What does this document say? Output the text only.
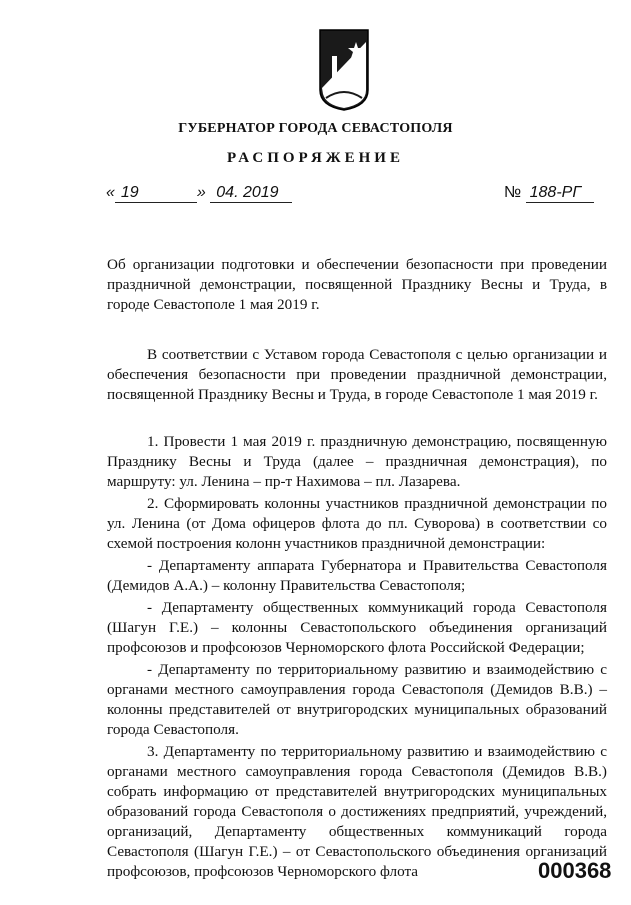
ГУБЕРНАТОР ГОРОДА СЕВАСТОПОЛЯ
РАСПОРЯЖЕНИЕ
« 19	» 04. 2019	№ 188-РГ
Об организации подготовки и обеспечении безопасности при проведении праздничной демонстрации, посвященной Празднику Весны и Труда, в городе Севастополе 1 мая 2019 г.
В соответствии с Уставом города Севастополя с целью организации и обеспечения безопасности при проведении праздничной демонстрации, посвященной Празднику Весны и Труда, в городе Севастополе 1 мая 2019 г.

1. Провести 1 мая 2019 г. праздничную демонстрацию, посвященную Празднику Весны и Труда (далее – праздничная демонстрация), по маршруту: ул. Ленина – пр-т Нахимова – пл. Лазарева.

2. Сформировать колонны участников праздничной демонстрации по ул. Ленина (от Дома офицеров флота до пл. Суворова) в соответствии со схемой построения колонн участников праздничной демонстрации:

- Департаменту аппарата Губернатора и Правительства Севастополя (Демидов А.А.) – колонну Правительства Севастополя;

- Департаменту общественных коммуникаций города Севастополя (Шагун Г.Е.) – колонны Севастопольского объединения организаций профсоюзов и профсоюзов Черноморского флота Российской Федерации;

- Департаменту по территориальному развитию и взаимодействию с органами местного самоуправления города Севастополя (Демидов В.В.) – колонны представителей от внутригородских муниципальных образований города Севастополя.

3. Департаменту по территориальному развитию и взаимодействию с органами местного самоуправления города Севастополя (Демидов В.В.) собрать информацию от представителей внутригородских муниципальных образований города Севастополя о достижениях предприятий, учреждений, организаций, Департаменту общественных коммуникаций города Севастополя (Шагун Г.Е.) – от Севастопольского объединения организаций профсоюзов, профсоюзов Черноморского флота	000368
